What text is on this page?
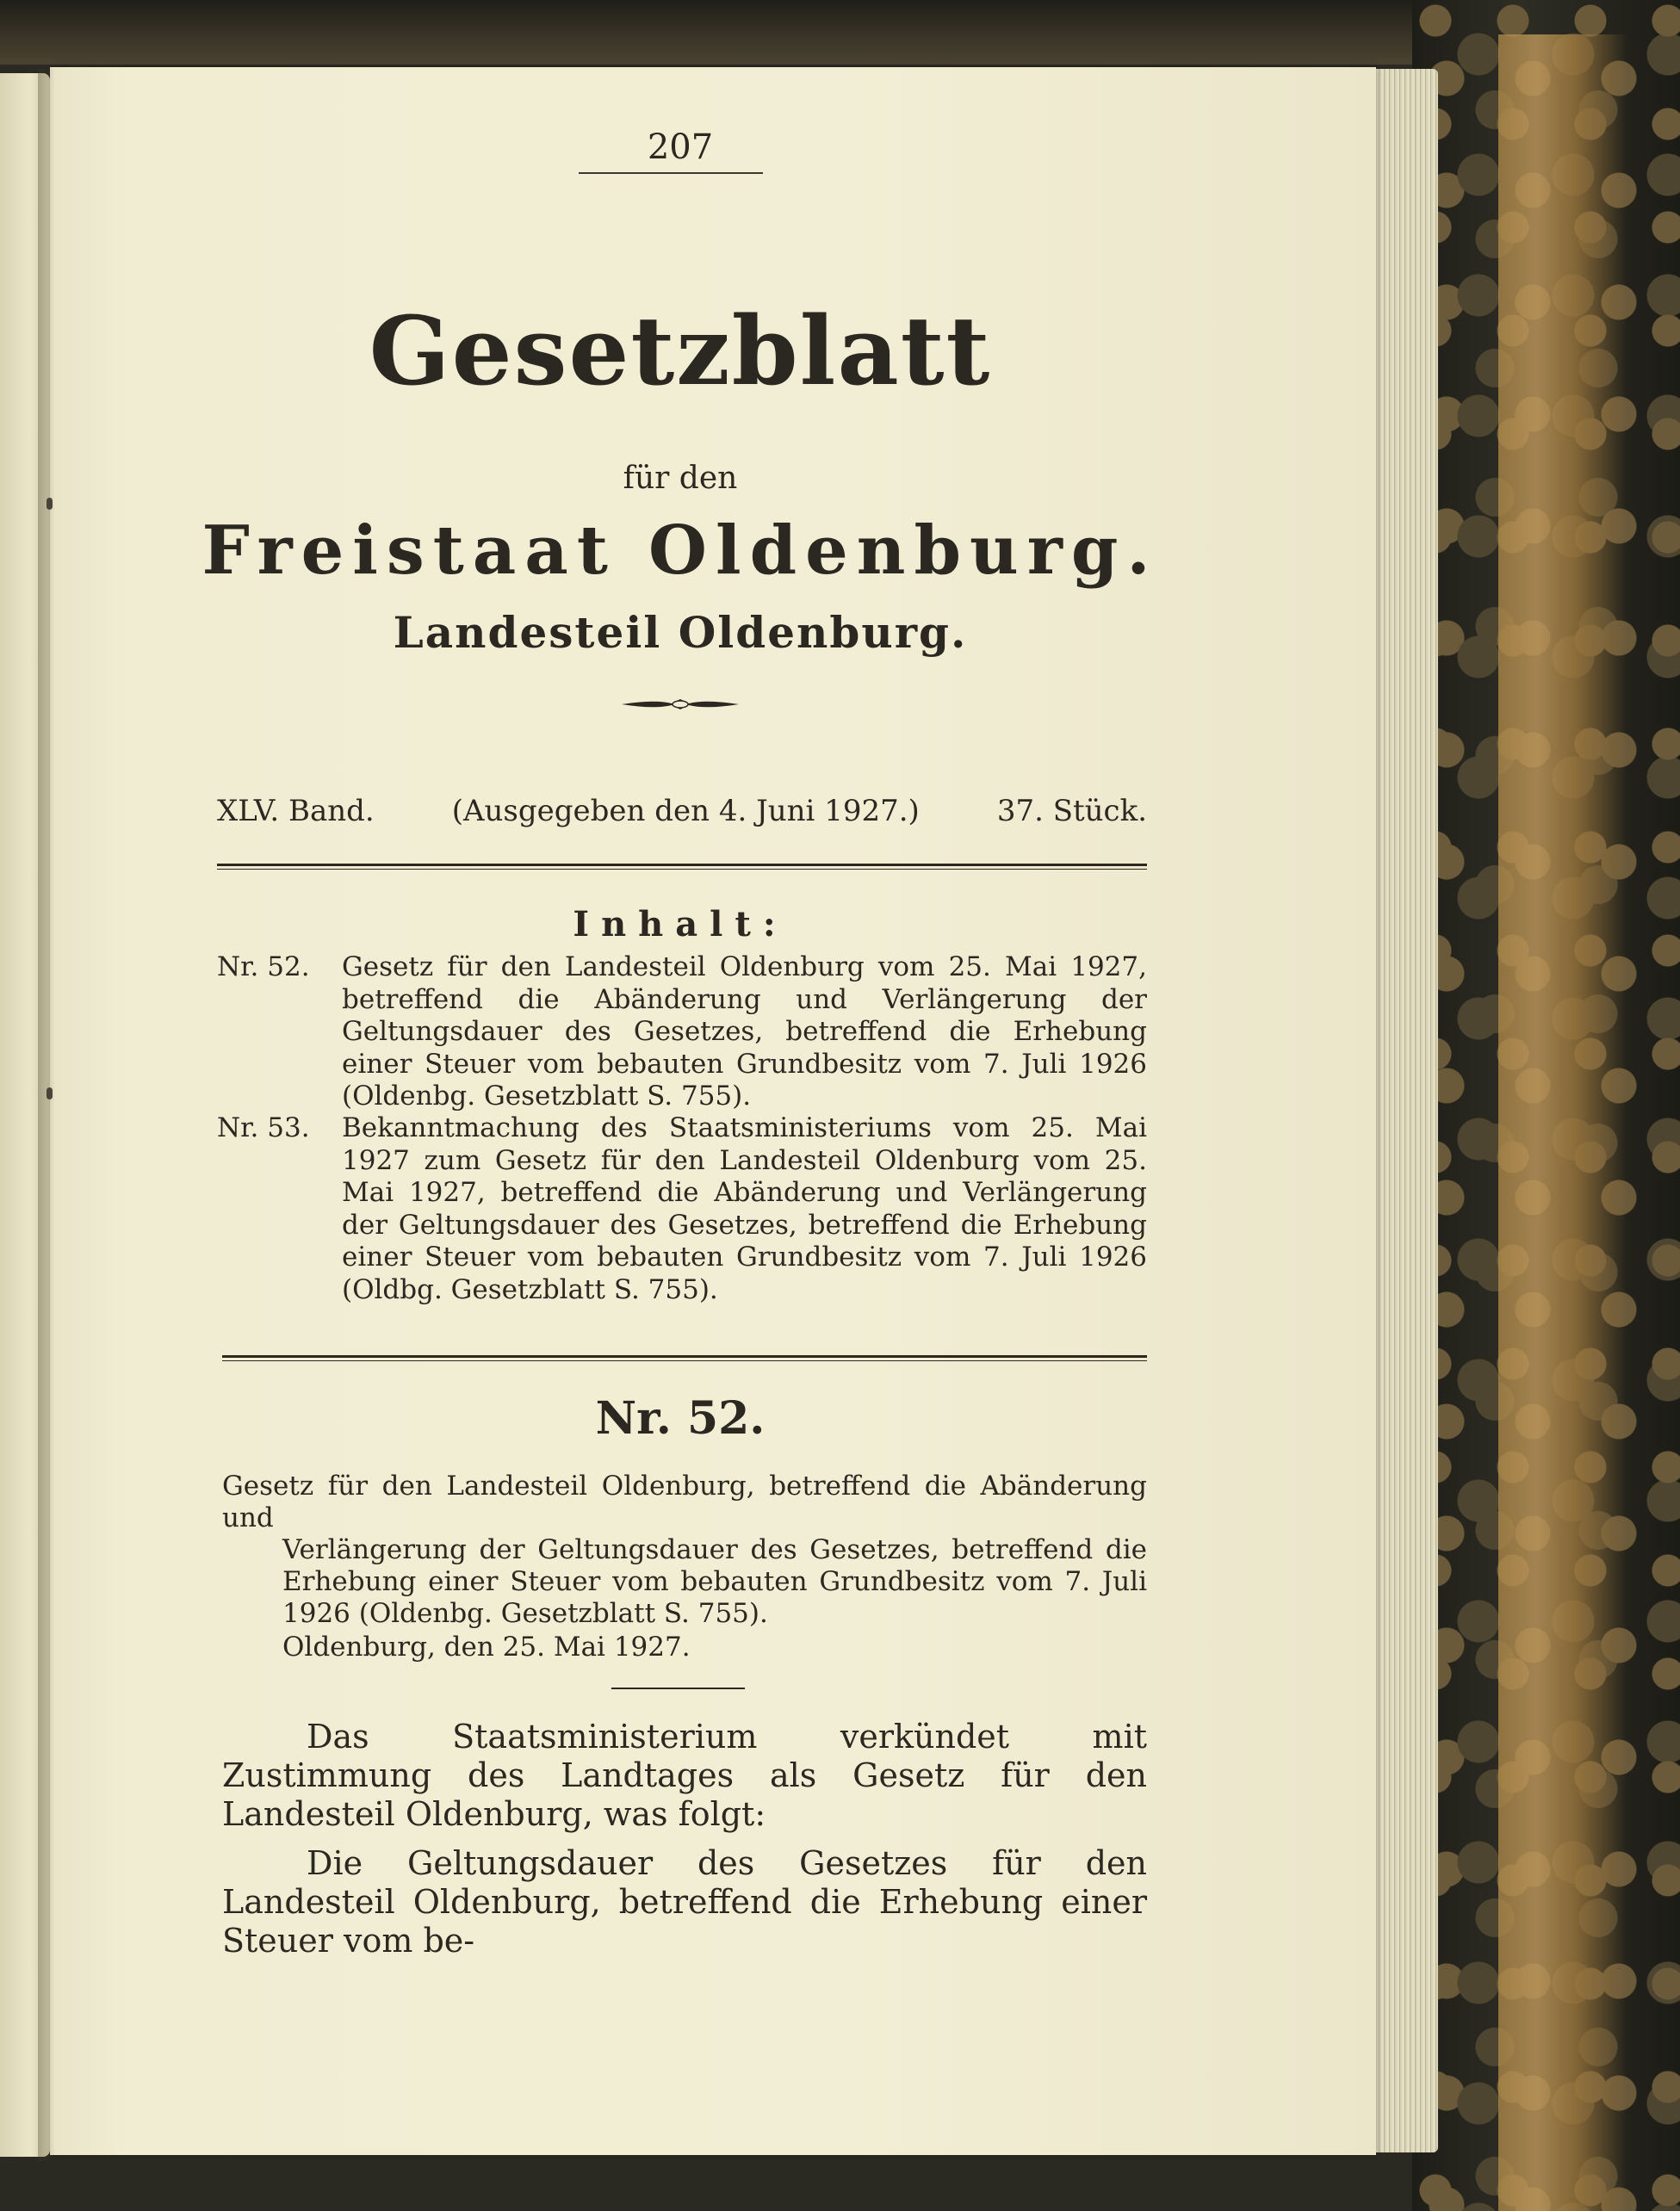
207
Gesetzblatt
für den
Freistaat Oldenburg.
Landesteil Oldenburg.
XLV. Band.	(Ausgegeben den 4. Juni 1927.)	37. Stück.
Inhalt:
Nr. 52.	Gesetz für den Landesteil Oldenburg vom 25. Mai 1927, betreffend die Abänderung und Verlängerung der Geltungsdauer des Gesetzes, betreffend die Erhebung einer Steuer vom bebauten Grundbesitz vom 7. Juli 1926 (Oldenbg. Gesetzblatt S. 755).
Nr. 53.	Bekanntmachung des Staatsministeriums vom 25. Mai 1927 zum Gesetz für den Landesteil Oldenburg vom 25. Mai 1927, betreffend die Abänderung und Verlängerung der Geltungsdauer des Gesetzes, betreffend die Erhebung einer Steuer vom bebauten Grundbesitz vom 7. Juli 1926 (Oldbg. Gesetzblatt S. 755).
Nr. 52.
Gesetz für den Landesteil Oldenburg, betreffend die Abänderung und
Verlängerung der Geltungsdauer des Gesetzes, betreffend die Erhebung einer Steuer vom bebauten Grundbesitz vom 7. Juli 1926 (Oldenbg. Gesetzblatt S. 755).
Oldenburg, den 25. Mai 1927.
Das Staatsministerium verkündet mit Zustimmung des Landtages als Gesetz für den Landesteil Oldenburg, was folgt:
Die Geltungsdauer des Gesetzes für den Landesteil Oldenburg, betreffend die Erhebung einer Steuer vom be-
